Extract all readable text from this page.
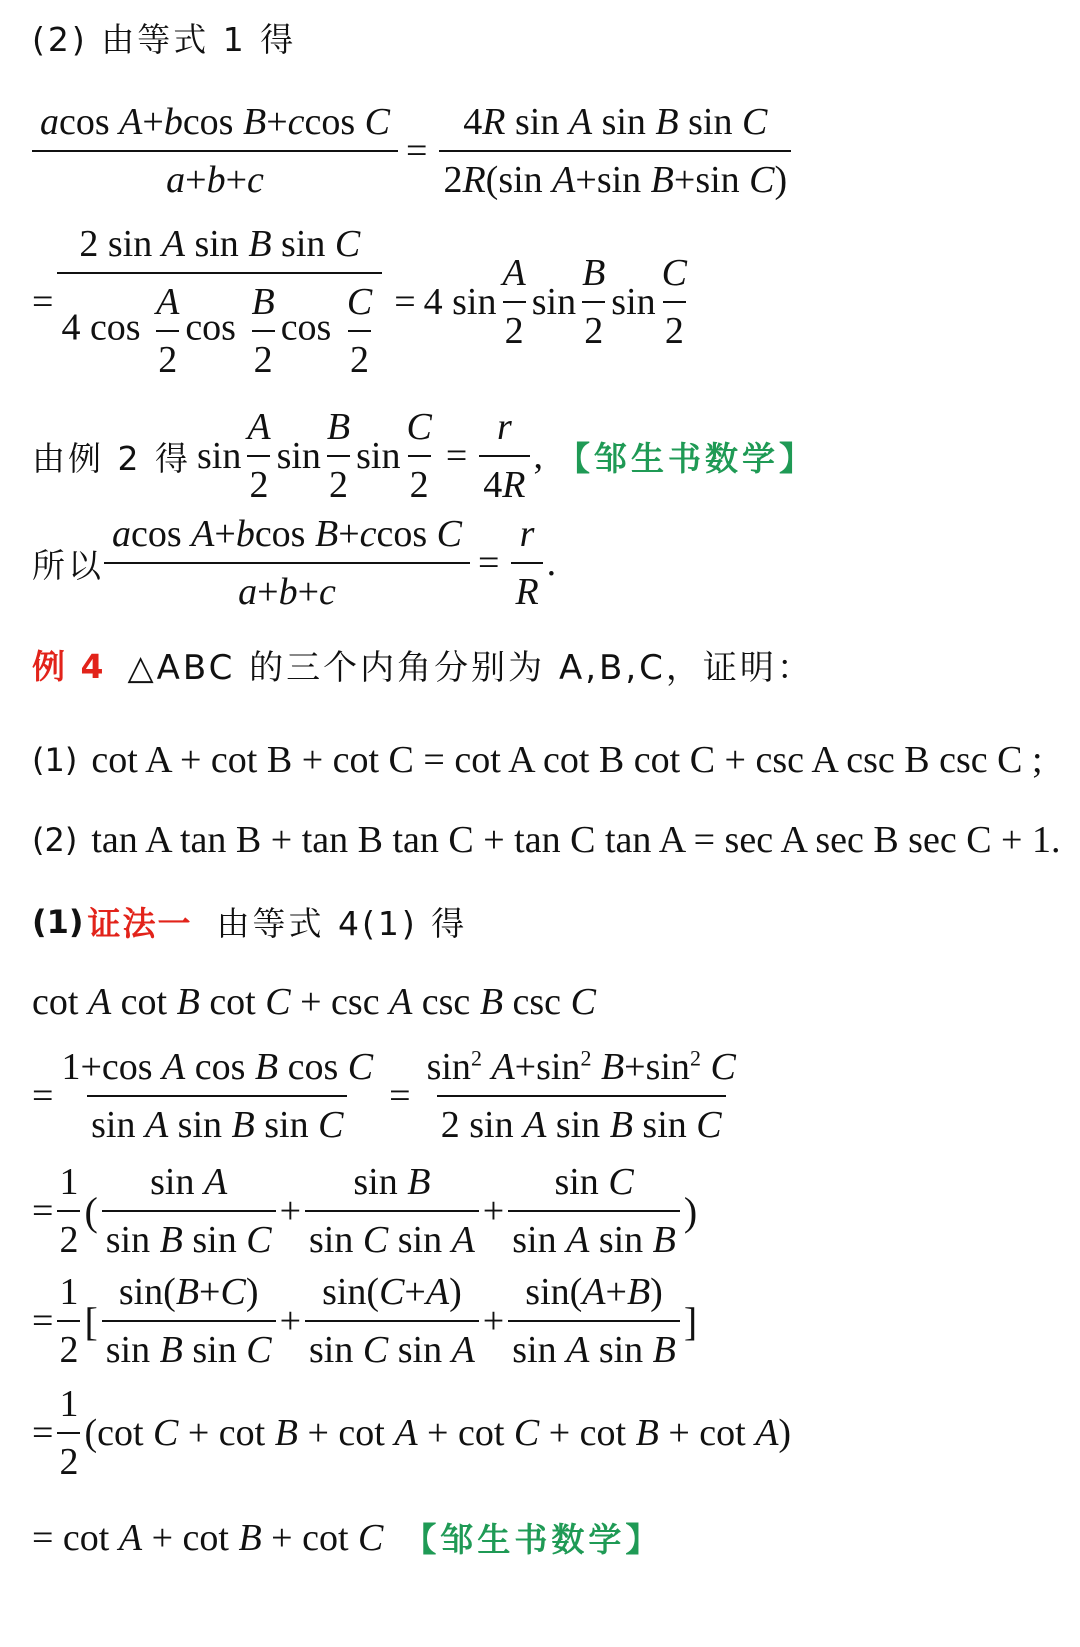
(2) 由等式 1 得
$\frac{\text{acos A+bcos B+ccos C}}{a+b+c} = \frac{\text{4R sin A sin B sin C}}{\text{2R(sin A+sin B+sin C)}}$
= $\frac{\text{2 sin A sin B sin C}}{4 \cos \frac{A}{2} \cos \frac{B}{2} \cos \frac{C}{2}} = 4$ $\sin \frac{A}{2}$ $\sin \frac{B}{2}$ $\sin \frac{C}{2}$
由例 2 得 $\sin \frac{A}{2}$ $\sin \frac{B}{2}$ $\sin \frac{C}{2} = \frac{r}{4R}$ , 【邹生书数学】
所以 $\frac{\text{acos A+bcos B+ccos C}}{a+b+c} = \frac{r}{R}$ .
例 4 △ABC 的三个内角分别为 A,B,C，证明：
(1) cot A + cot B + cot C = cot A cot B cot C + csc A csc B csc C ;
(2) tan A tan B + tan B tan C + tan C tan A = sec A sec B sec C + 1.
(1) 证法一 由等式 4(1) 得
cot A cot B cot C + csc A csc B csc C
= $\frac{\text{1+cos A cos B cos C}}{\text{sin A sin B sin C}} = \frac{\sin^2 A+\sin^2 B+\sin^2 C}{\text{2 sin A sin B sin C}}$
= $\frac{1}{2}$ ( $\frac{\text{sin A}}{\text{sin B sin C}} + \frac{\text{sin B}}{\text{sin C sin A}} + \frac{\text{sin C}}{\text{sin A sin B}}$ )
= $\frac{1}{2}$ [ $\frac{\sin(B+C)}{\text{sin B sin C}} + \frac{\sin(C+A)}{\text{sin C sin A}} + \frac{\sin(A+B)}{\text{sin A sin B}}$ ]
= $\frac{1}{2} (\cot$ C + cot B + cot A + cot C + cot B + cot A)
= cot A + cot B + cot C 【邹生书数学】
